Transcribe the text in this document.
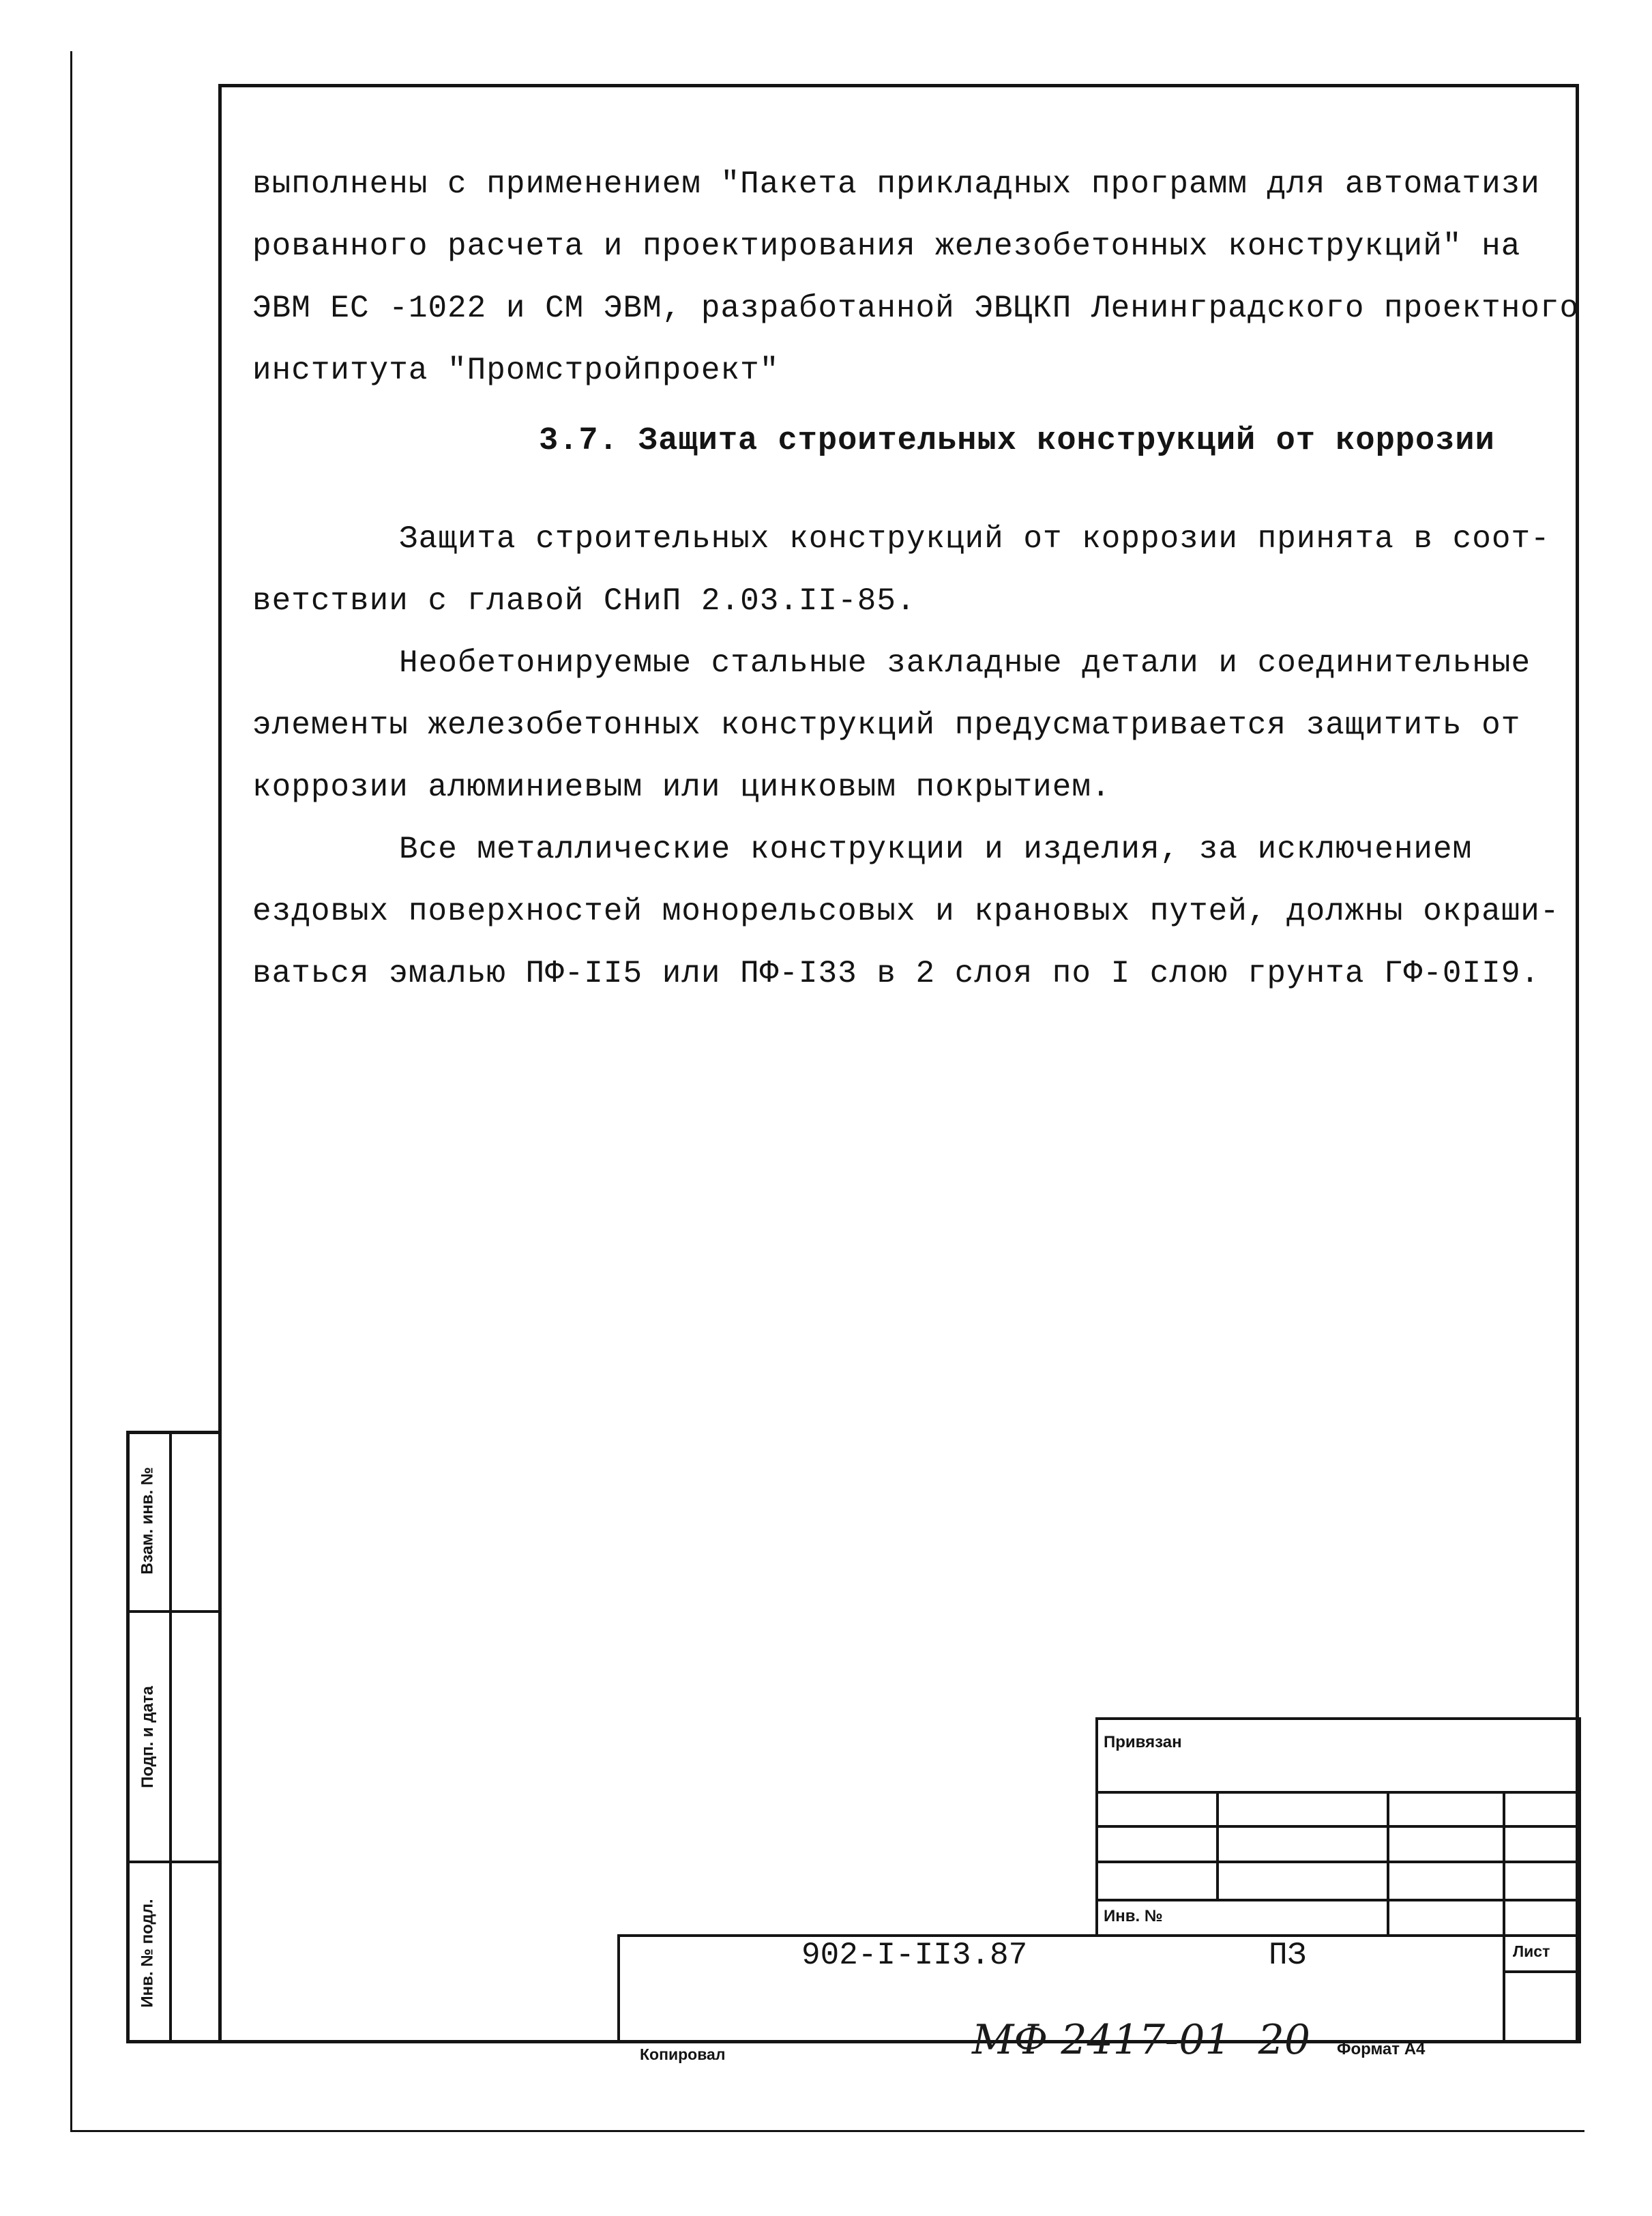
выполнены с применением "Пакета прикладных программ для автоматизи
рованного расчета и проектирования железобетонных конструкций" на
ЭВМ ЕС -1022 и СМ ЭВМ, разработанной ЭВЦКП Ленинградского проектного
института "Промстройпроект"
3.7. Защита строительных конструкций от коррозии
Защита строительных конструкций от коррозии принята в соот-
ветствии с главой СНиП 2.03.II-85.
Необетонируемые стальные закладные детали и соединительные
элементы железобетонных конструкций предусматривается защитить от
коррозии алюминиевым или цинковым покрытием.
Все металлические конструкции и изделия, за исключением
ездовых поверхностей монорельсовых и крановых путей, должны окраши-
ваться эмалью ПФ-II5 или ПФ-I33 в 2 слоя по I слою грунта ГФ-0II9.
Взам. инв. №
Подп. и дата
Инв. № подл.
Привязан
Инв. №
Лист
902-I-II3.87	ПЗ
Копировал	МФ 2417-01 20 Формат А4
